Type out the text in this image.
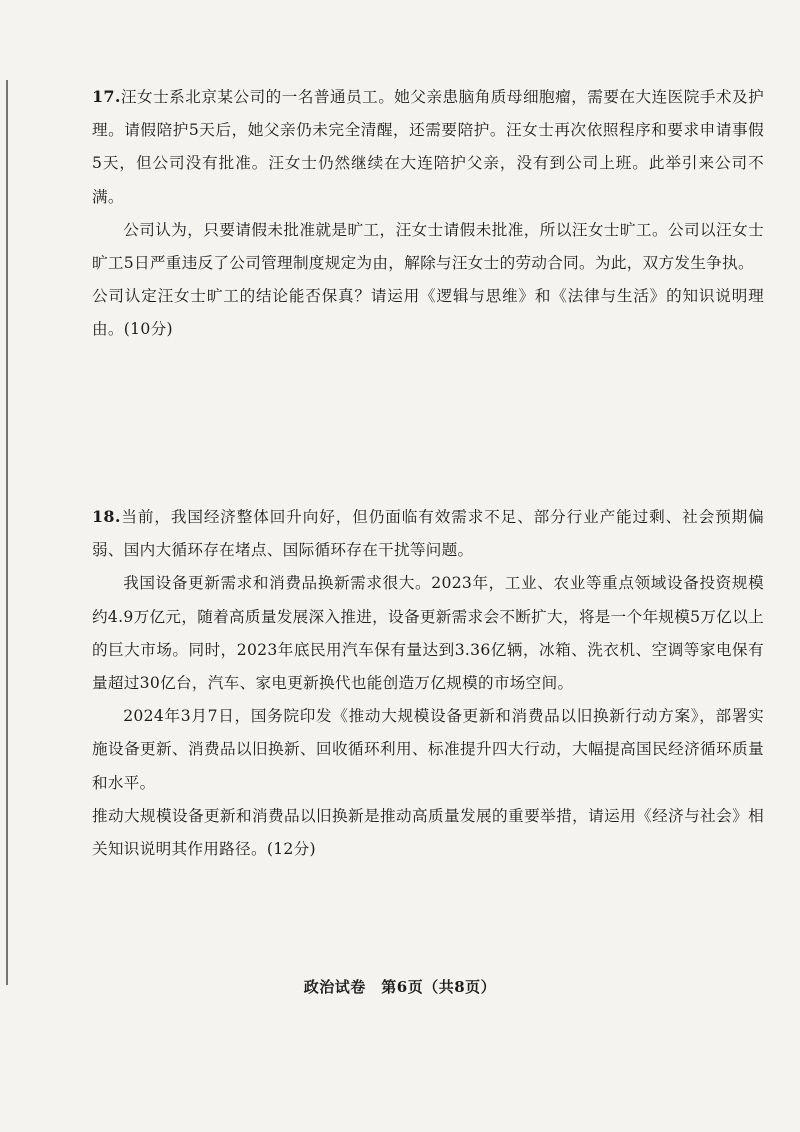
17.汪女士系北京某公司的一名普通员工。她父亲患脑角质母细胞瘤，需要在大连医院手术及护理。请假陪护5天后，她父亲仍未完全清醒，还需要陪护。汪女士再次依照程序和要求申请事假5天，但公司没有批准。汪女士仍然继续在大连陪护父亲，没有到公司上班。此举引来公司不满。

公司认为，只要请假未批准就是旷工，汪女士请假未批准，所以汪女士旷工。公司以汪女士旷工5日严重违反了公司管理制度规定为由，解除与汪女士的劳动合同。为此，双方发生争执。

公司认定汪女士旷工的结论能否保真？请运用《逻辑与思维》和《法律与生活》的知识说明理由。(10分)

18.当前，我国经济整体回升向好，但仍面临有效需求不足、部分行业产能过剩、社会预期偏弱、国内大循环存在堵点、国际循环存在干扰等问题。

我国设备更新需求和消费品换新需求很大。2023年，工业、农业等重点领域设备投资规模约4.9万亿元，随着高质量发展深入推进，设备更新需求会不断扩大，将是一个年规模5万亿以上的巨大市场。同时，2023年底民用汽车保有量达到3.36亿辆，冰箱、洗衣机、空调等家电保有量超过30亿台，汽车、家电更新换代也能创造万亿规模的市场空间。

2024年3月7日，国务院印发《推动大规模设备更新和消费品以旧换新行动方案》，部署实施设备更新、消费品以旧换新、回收循环利用、标准提升四大行动，大幅提高国民经济循环质量和水平。

推动大规模设备更新和消费品以旧换新是推动高质量发展的重要举措，请运用《经济与社会》相关知识说明其作用路径。(12分)

政治试卷　第6页（共8页）
